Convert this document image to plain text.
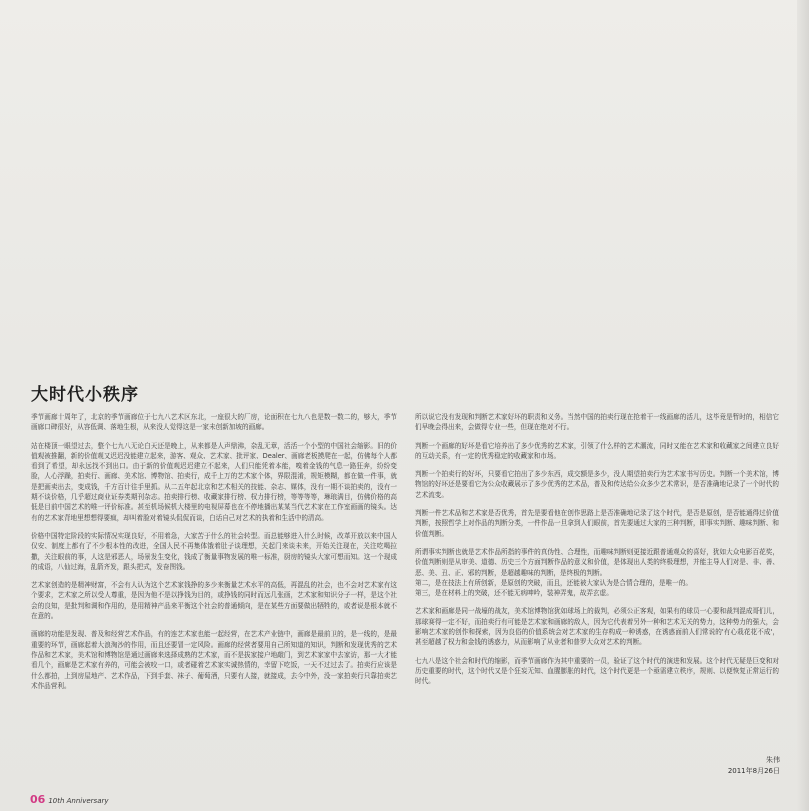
大时代小秩序

季节画廊十周年了，北京的季节画廊位于七九八艺术区东北，一座很大的厂房，论面积在七九八也是数一数二的，够大，季节画廊口碑很好，从容低调、落地生根，从来没人觉得这是一家未创新加坡的画廊。

站在楼顶一眼望过去，整个七九八无论白天还是晚上，从来都是人声鼎沸，杂乱无章，活活一个小型的中国社会缩影。旧的价值观被推翻，新的价值观又迟迟没能建立起来，游客、观众、艺术家、批评家、Dealer、画廊老板摸爬在一起，仿佛每个人都看到了希望，却永远找不到出口。由于新的价值观迟迟建立不起来，人们只能凭着本能，嗅着金钱的气息一路狂奔，纷纷变脸，人心浮躁，拍卖行、画廊、美术馆、博物馆、拍卖行，成千上万的艺术家个体，界限混淆，规矩模糊，都在做一件事，就是把画卖出去，变成钱，千方百计往手里抓。从二五年起北京和艺术相关的技能、杂志、媒体，没有一期不谈拍卖的，没有一期不谈价格，几乎超过商业证券类期刊杂志。拍卖排行榜、收藏家排行榜、权力排行榜，等等等等，琳琅满目，仿佛价格的高低是目前中国艺术的唯一评价标准。甚至机场候机大楼里的电视屏幕也在不停地播出某某当代艺术家在工作室画画的镜头。达有的艺术家背地里想想得要疯，却叫着脸对着镜头侃侃而谈，白话自己对艺术的执着和生活中的清高。

价格中国特定阶段的实际情况实现良好，不用着急，大家苦于什么的社会转型。而总能够进入什么时候，改革开放以来中国人仅安、制度上都有了不少根本性的改进，全国人民不再集体饿着肚子谈理想，关起门来谈未来，开始关注现在，关注吃喝拉撒，关注眼前的事，人这是邪恶人，场景发生变化，钱成了衡量事物发展的唯一标准，厨房的镜头大家可想而知。这一个现成的成语，八仙过海，乱箭齐发，跟头把式，发奋图钱。

艺术家创造的是精神财富，不会有人认为这个艺术家钱挣的多少来衡量艺术水平的高低，再混乱的社会，也不会对艺术家有这个要求，艺术家之所以受人尊重，是因为他不是以挣钱为目的，或挣钱的同时而远几张画，艺术家和知识分子一样，是这个社会的良知，是批判和调和作用的，是用精神产品来平衡这个社会的普通倾向，是在某些方面要做出牺牲的，或者说是根本就不在意的。

画廊的功能是发现、普及和经营艺术作品，有的连艺术家也能一起经营，在艺术产业链中，画廊是最前卫的，是一线的，是最重要的环节，画廊起着大浪淘沙的作用，而且还要冒一定风险。画廊的经营者要用自己所知道的知识，判断和发现优秀的艺术作品和艺术家，美术馆和博物馆是通过画廊来选择成熟的艺术家，而不是拔家接户地敲门，到艺术家家中去家访，那一大才能看几个，画廊是艺术家有养的，可能会被咬一口，或者碰着艺术家实诚热情的，幸留下吃饭，一天不过过去了。拍卖行应该是什么都拍，上到房屋地产、艺术作品，下到手套、袜子、葡萄酒，只要有人接，就接成，去今中外，没一家拍卖行只靠拍卖艺术作品营利。

所以说它没有发现和判断艺术家好坏的职责和义务。当然中国的拍卖行现在抢着干一线画廊的活儿，这毕竟是暂时的，相信它们早晚会得出来，会做得专业一些，但现在绝对不行。

判断一个画廊的好坏是看它培养出了多少优秀的艺术家，引领了什么样的艺术潮流，同时又能在艺术家和收藏家之间建立良好的互动关系，有一定的优秀稳定的收藏家和市场。

判断一个拍卖行的好坏，只要看它拍出了多少东西，成交额是多少，没人期望拍卖行为艺术家书写历史。判断一个美术馆，博物馆的好坏还是要看它为公众收藏展示了多少优秀的艺术品，普及和传达给公众多少艺术常识，是否准确地记录了一个时代的艺术流变。

判断一件艺术品和艺术家是否优秀，首先是要看他在创作思路上是否准确地记录了这个时代，是否是原创，是否能通得过价值判断，按照哲学上对作品的判断分类，一件作品一旦拿到人们眼前，首先要通过大家的三种判断，即事实判断、趣味判断、和价值判断。

所谓事实判断也就是艺术作品所指的事件的真伪性、合理性，而趣味判断则更接近跟普通观众的喜好，犹如大众电影百花奖，价值判断则是从审美、道德、历史三个方面判断作品的意义和价值，是体现出人类的终极理想，并能主导人们对是、非、善、恶、美、丑、正、邪的判断，是超越趣味的判断，是终极的判断。

第二，是在技法上有所创新，是原创的突破，而且，还能被大家认为是合情合理的，是唯一的。

第三，是在材料上的突破，还不能无病呻吟，装神弄鬼，故弄玄虚。

艺术家和画廊是同一战壕的战友，美术馆博物馆犹如球场上的裁判，必须公正客观，如果有的球员一心要和裁判混成哥们儿，那球赛得一定不好，而拍卖行有可能是艺术家和画廊的敌人，因为它代表着另外一种和艺术无关的势力，这种势力的强大，会影响艺术家的创作和探索，因为良俗的价值系统会对艺术家的生存构成一种诱惑，在诱惑面前人们常说的'有心栽花花不成'，甚至超越了权力和金钱的诱惑力，从而影响了从业者和普罗大众对艺术的判断。

七九八是这个社会和时代的缩影，而季节画廊作为其中重要的一员，验证了这个时代的演进和发展。这个时代无疑是巨变和对历史重要的时代，这个时代又是个狂妄无知、血腥膨胀的时代，这个时代更是一个亟需建立秩序，规则、以便恢复正常运行的时代。

朱伟
2011年8月26日
06 10th Anniversary
